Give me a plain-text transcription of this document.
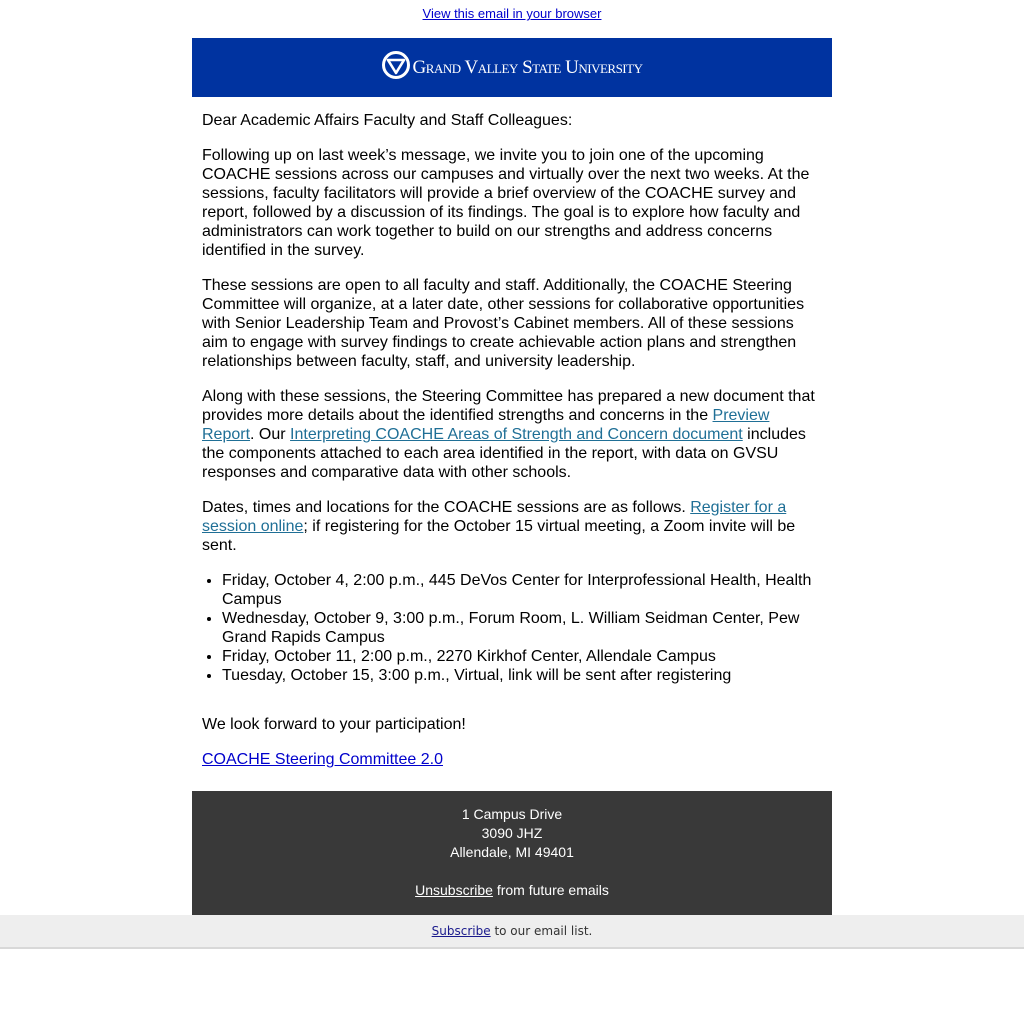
View this email in your browser
Grand Valley State University

Dear Academic Affairs Faculty and Staff Colleagues:

Following up on last week’s message, we invite you to join one of the upcoming COACHE sessions across our campuses and virtually over the next two weeks. At the sessions, faculty facilitators will provide a brief overview of the COACHE survey and report, followed by a discussion of its findings. The goal is to explore how faculty and administrators can work together to build on our strengths and address concerns identified in the survey.

These sessions are open to all faculty and staff. Additionally, the COACHE Steering Committee will organize, at a later date, other sessions for collaborative opportunities with Senior Leadership Team and Provost’s Cabinet members. All of these sessions aim to engage with survey findings to create achievable action plans and strengthen relationships between faculty, staff, and university leadership.

Along with these sessions, the Steering Committee has prepared a new document that provides more details about the identified strengths and concerns in the Preview Report. Our Interpreting COACHE Areas of Strength and Concern document includes the components attached to each area identified in the report, with data on GVSU responses and comparative data with other schools.

Dates, times and locations for the COACHE sessions are as follows. Register for a session online; if registering for the October 15 virtual meeting, a Zoom invite will be sent.

• Friday, October 4, 2:00 p.m., 445 DeVos Center for Interprofessional Health, Health Campus
• Wednesday, October 9, 3:00 p.m., Forum Room, L. William Seidman Center, Pew Grand Rapids Campus
• Friday, October 11, 2:00 p.m., 2270 Kirkhof Center, Allendale Campus
• Tuesday, October 15, 3:00 p.m., Virtual, link will be sent after registering

We look forward to your participation!

COACHE Steering Committee 2.0

1 Campus Drive
3090 JHZ
Allendale, MI 49401
Unsubscribe from future emails
Subscribe to our email list.
